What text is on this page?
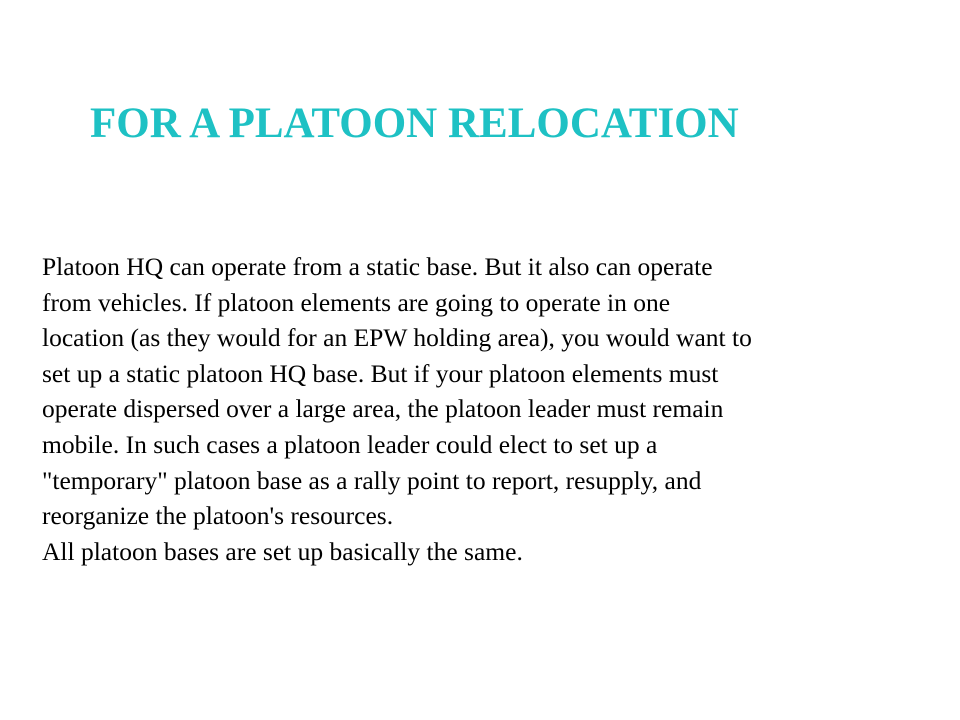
FOR A PLATOON RELOCATION
Platoon HQ can operate from a static base. But it also can operate
from vehicles. If platoon elements are going to operate in one
location (as they would for an EPW holding area), you would want to
set up a static platoon HQ base. But if your platoon elements must
operate dispersed over a large area, the platoon leader must remain
mobile. In such cases a platoon leader could elect to set up a
"temporary" platoon base as a rally point to report, resupply, and
reorganize the platoon's resources.
All platoon bases are set up basically the same.
